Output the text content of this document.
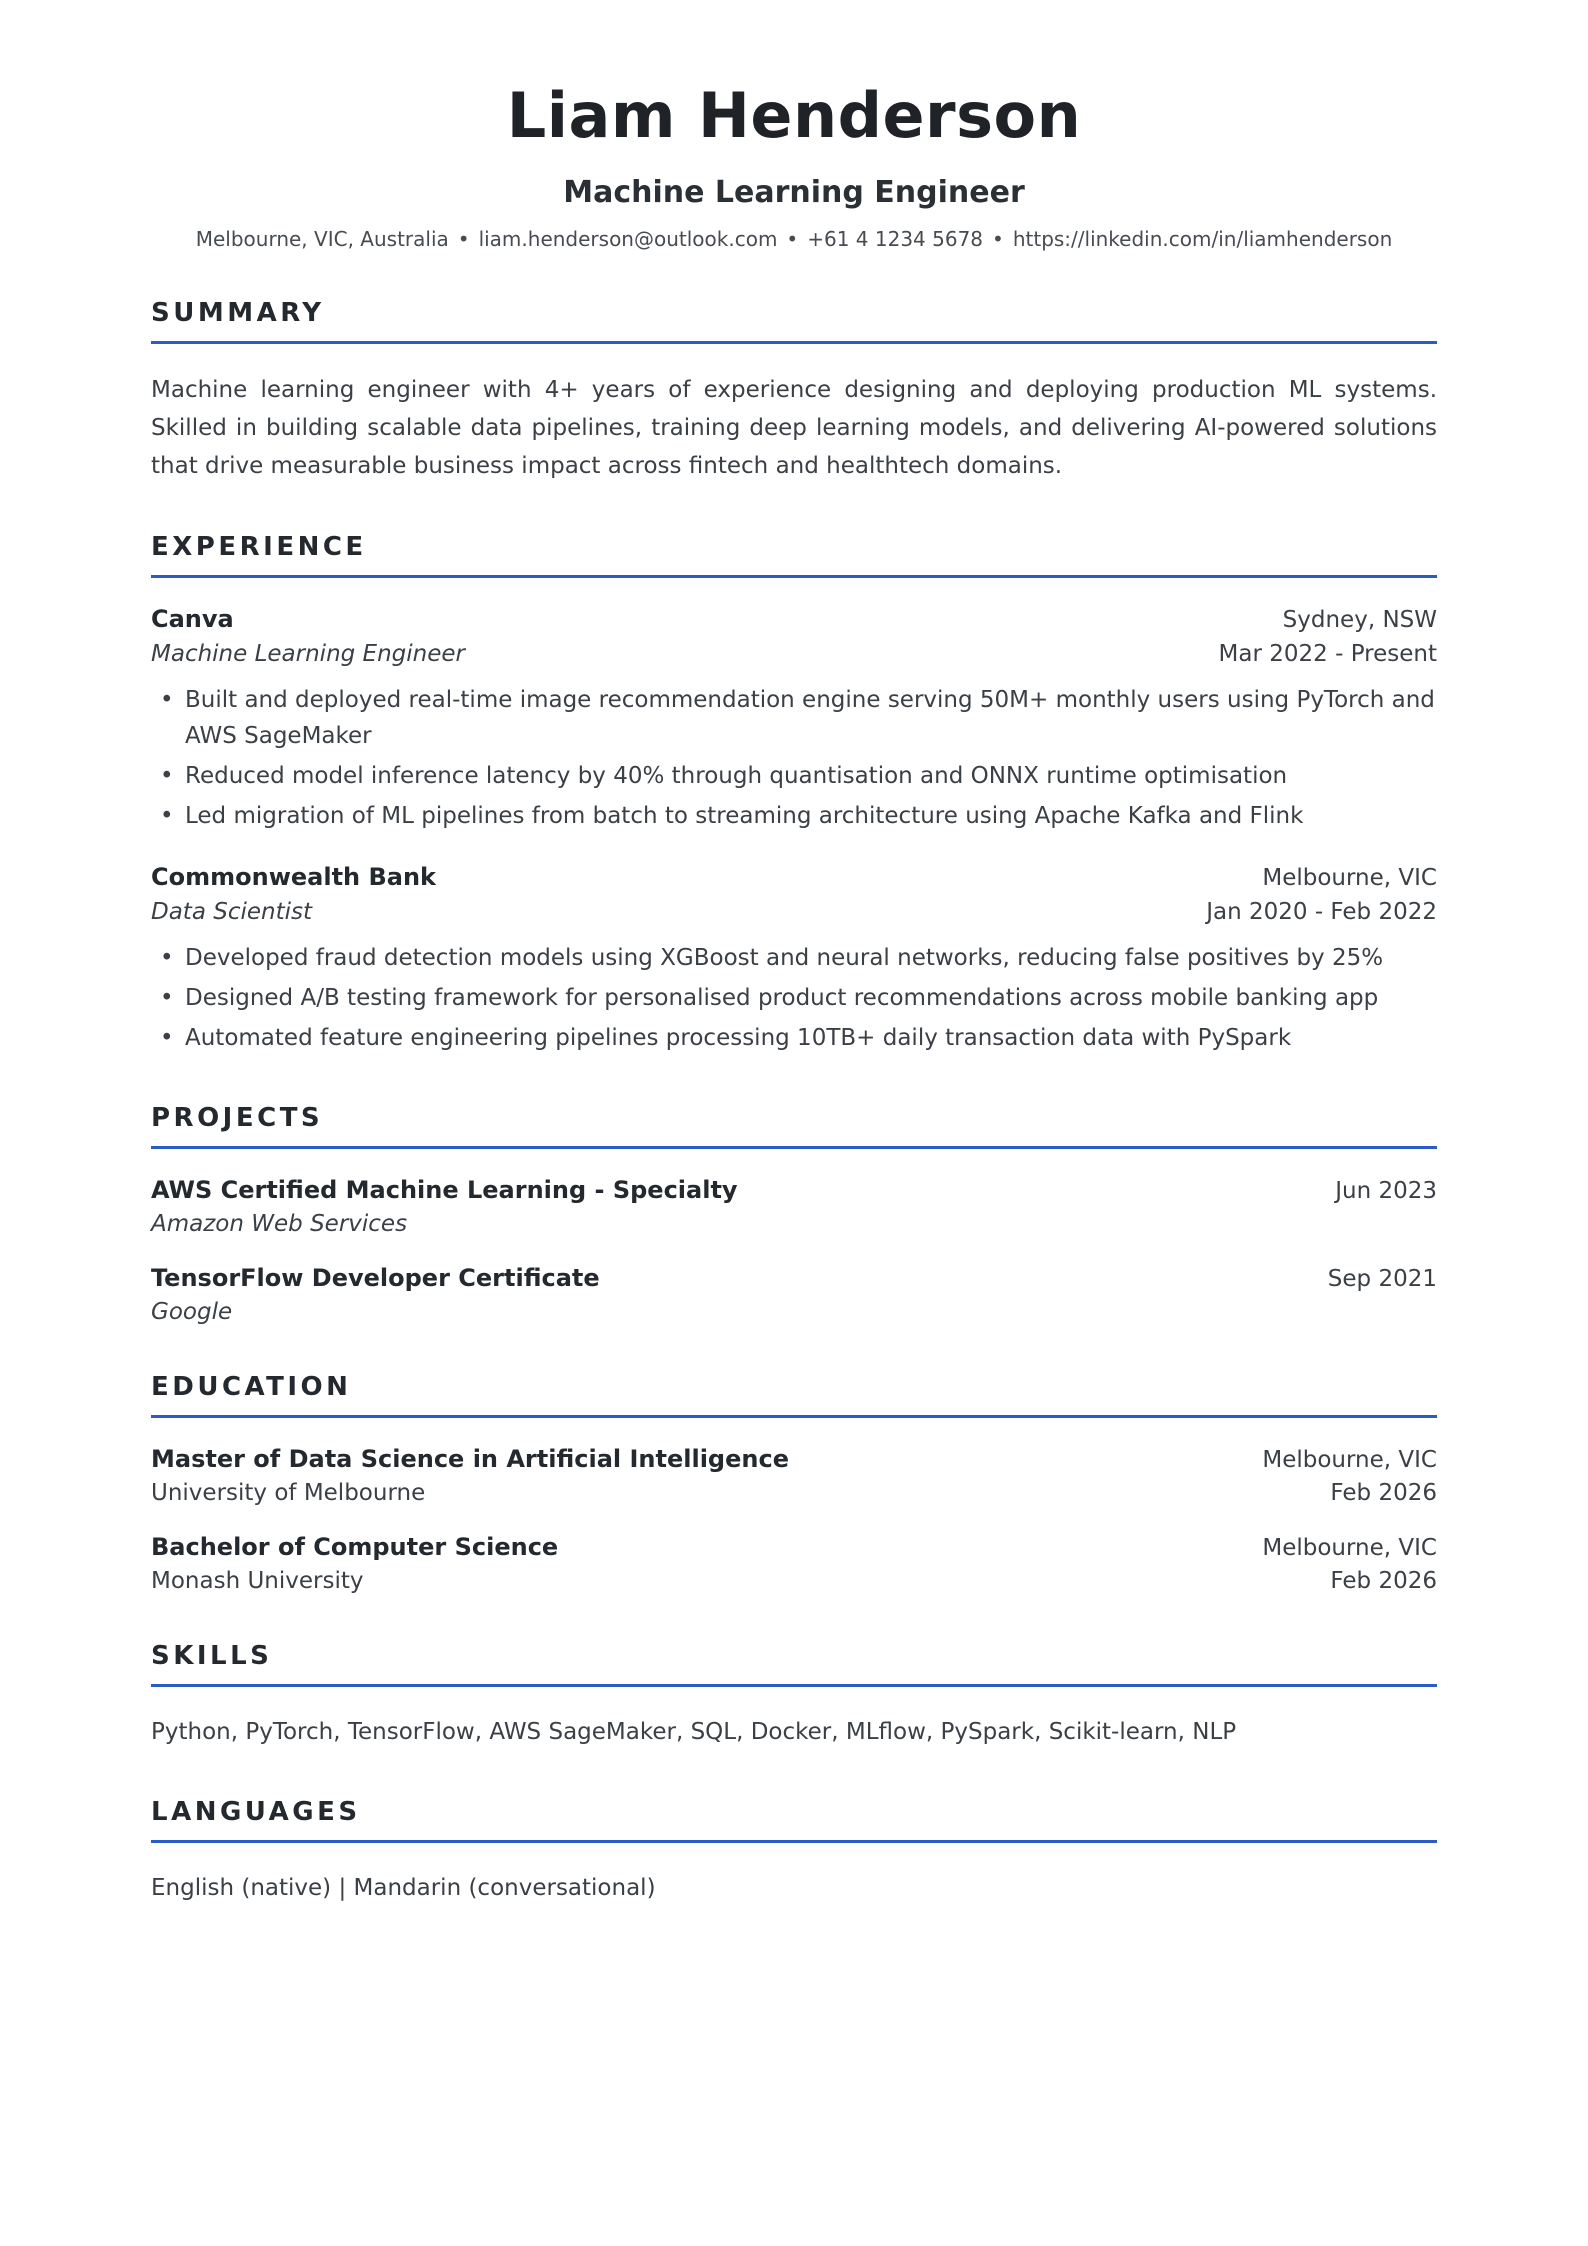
Liam Henderson
Machine Learning Engineer
Melbourne, VIC, Australia • liam.henderson@outlook.com • +61 4 1234 5678 • https://linkedin.com/in/liamhenderson
SUMMARY

Machine learning engineer with 4+ years of experience designing and deploying production ML systems. Skilled in building scalable data pipelines, training deep learning models, and delivering AI-powered solutions that drive measurable business impact across fintech and healthtech domains.

EXPERIENCE
Canva	Sydney, NSW
Machine Learning Engineer	Mar 2022 - Present
•
Built and deployed real-time image recommendation engine serving 50M+ monthly users using PyTorch and AWS SageMaker
•
Reduced model inference latency by 40% through quantisation and ONNX runtime optimisation
•
Led migration of ML pipelines from batch to streaming architecture using Apache Kafka and Flink
Commonwealth Bank	Melbourne, VIC
Data Scientist	Jan 2020 - Feb 2022
•
Developed fraud detection models using XGBoost and neural networks, reducing false positives by 25%
•
Designed A/B testing framework for personalised product recommendations across mobile banking app
•
Automated feature engineering pipelines processing 10TB+ daily transaction data with PySpark
PROJECTS
AWS Certified Machine Learning - Specialty	Jun 2023
Amazon Web Services
TensorFlow Developer Certificate	Sep 2021
Google
EDUCATION
Master of Data Science in Artificial Intelligence	Melbourne, VIC
University of Melbourne	Feb 2026
Bachelor of Computer Science	Melbourne, VIC
Monash University	Feb 2026
SKILLS

Python, PyTorch, TensorFlow, AWS SageMaker, SQL, Docker, MLflow, PySpark, Scikit-learn, NLP

LANGUAGES

English (native) | Mandarin (conversational)
